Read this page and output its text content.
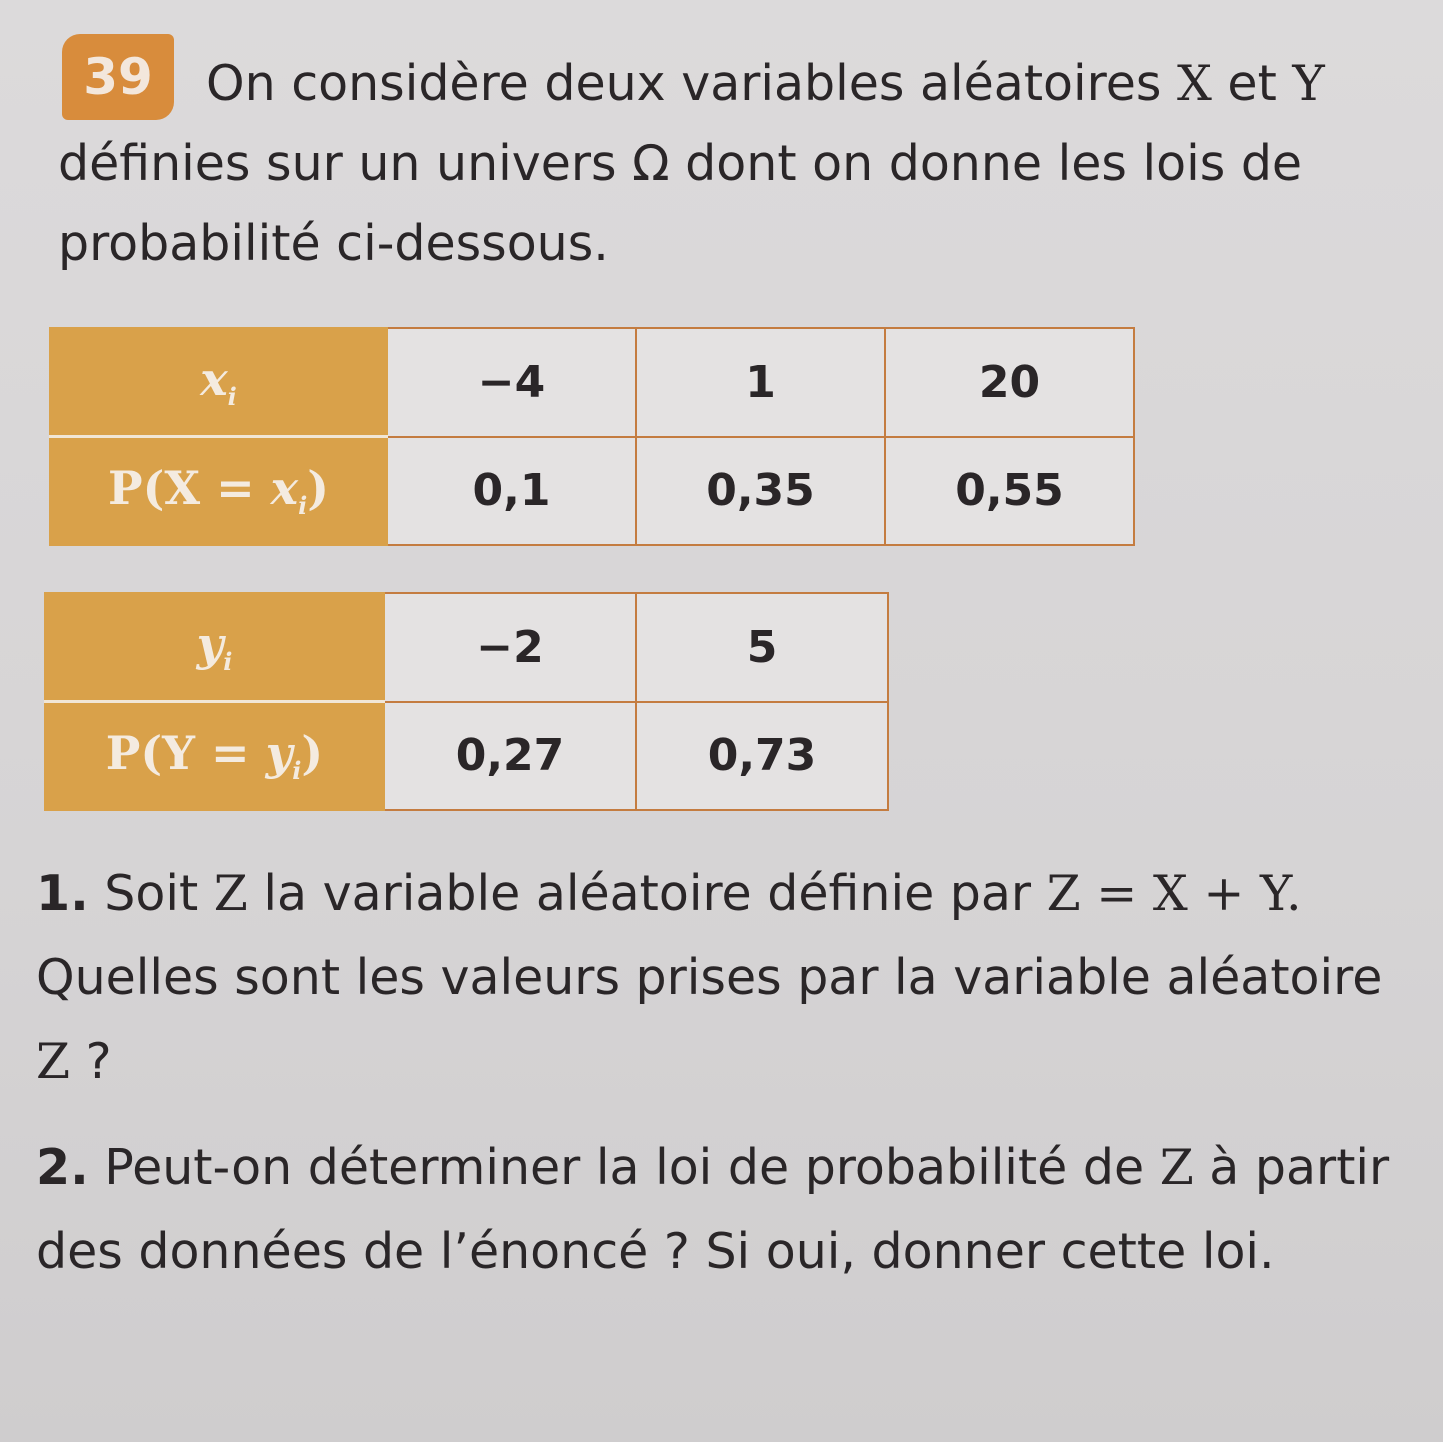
39	On considère deux variables aléatoires X et Y définies sur un univers Ω dont on donne les lois de probabilité ci-dessous.

$x_i$	−4	1	20
$P(X = x_i)$	0,1	0,35	0,55
$y_i$	−2	5
$P(Y = y_i)$	0,27	0,73

1. Soit Z la variable aléatoire définie par Z = X + Y. Quelles sont les valeurs prises par la variable aléatoire Z ?

2. Peut-on déterminer la loi de probabilité de Z à partir des données de l’énoncé ? Si oui, donner cette loi.
